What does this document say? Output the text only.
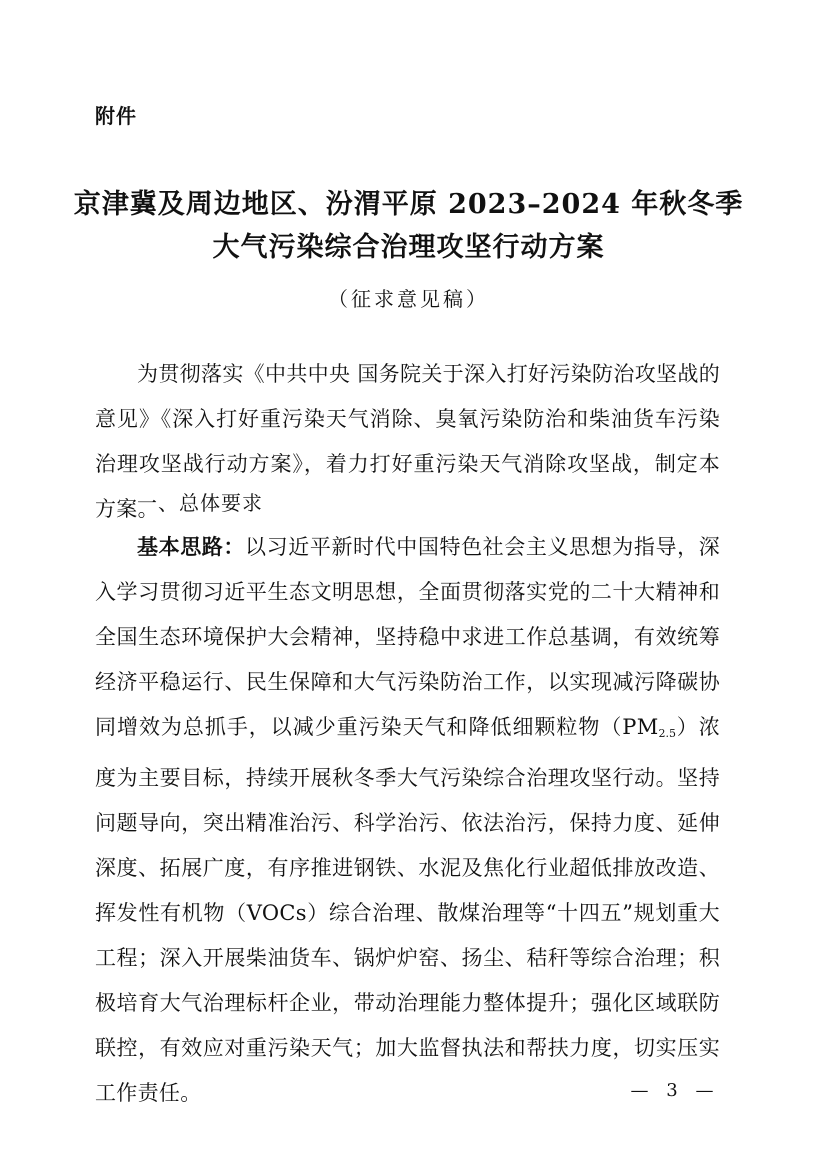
附件
京津冀及周边地区、汾渭平原 2023–2024 年秋冬季
大气污染综合治理攻坚行动方案
（征求意见稿）
为贯彻落实《中共中央 国务院关于深入打好污染防治攻坚战的意见》《深入打好重污染天气消除、臭氧污染防治和柴油货车污染治理攻坚战行动方案》，着力打好重污染天气消除攻坚战，制定本方案。
一、总体要求
基本思路：以习近平新时代中国特色社会主义思想为指导，深入学习贯彻习近平生态文明思想，全面贯彻落实党的二十大精神和全国生态环境保护大会精神，坚持稳中求进工作总基调，有效统筹经济平稳运行、民生保障和大气污染防治工作，以实现减污降碳协同增效为总抓手，以减少重污染天气和降低细颗粒物$(PM_{2.5})$浓度为主要目标，持续开展秋冬季大气污染综合治理攻坚行动。坚持问题导向，突出精准治污、科学治污、依法治污，保持力度、延伸深度、拓展广度，有序推进钢铁、水泥及焦化行业超低排放改造、挥发性有机物（VOCs）综合治理、散煤治理等“十四五”规划重大工程；深入开展柴油货车、锅炉炉窑、扬尘、秸秆等综合治理；积极培育大气治理标杆企业，带动治理能力整体提升；强化区域联防联控，有效应对重污染天气；加大监督执法和帮扶力度，切实压实工作责任。	— 3 —
